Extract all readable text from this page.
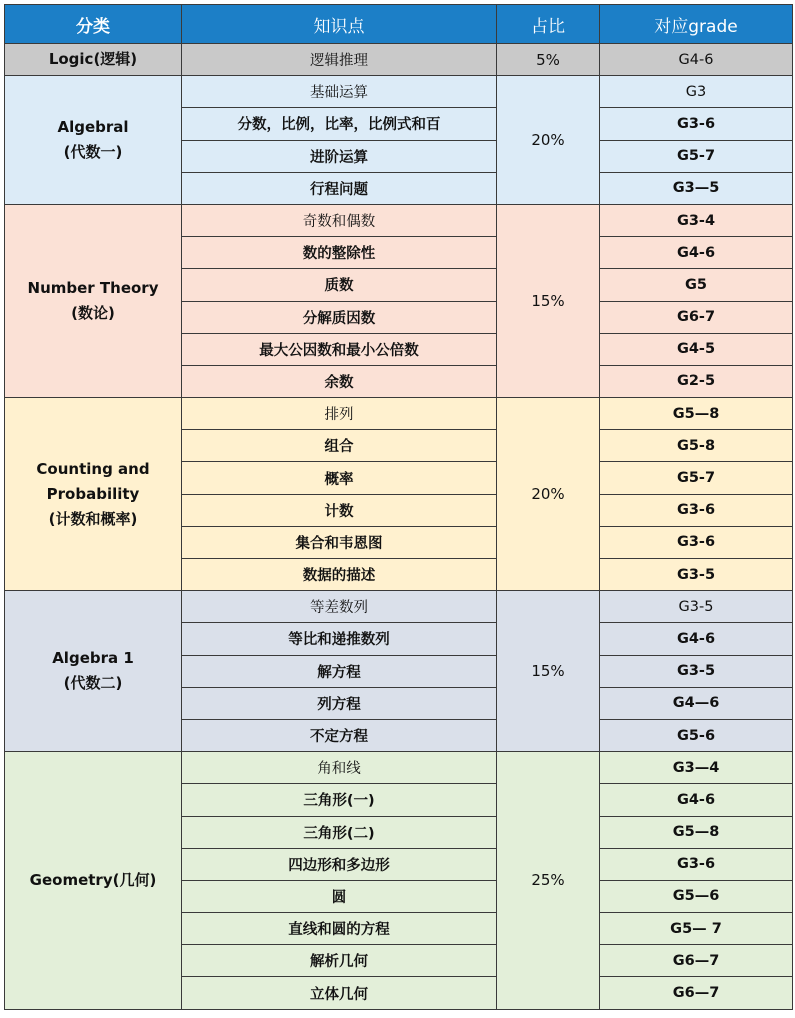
分类	知识点	占比	对应grade

Logic(逻辑)	逻辑推理	5%	G4-6

Algebral
(代数一)	基础运算	20%	G3
	分数，比例，比率，比例式和百		G3-6
	进阶运算		G5-7
	行程问题		G3—5

Number Theory
(数论)	奇数和偶数	15%	G3-4
	数的整除性		G4-6
	质数		G5
	分解质因数		G6-7
	最大公因数和最小公倍数		G4-5
	余数		G2-5

Counting and
Probability
(计数和概率)	排列	20%	G5—8
	组合		G5-8
	概率		G5-7
	计数		G3-6
	集合和韦恩图		G3-6
	数据的描述		G3-5

Algebra 1
(代数二)	等差数列	15%	G3-5
	等比和递推数列		G4-6
	解方程		G3-5
	列方程		G4—6
	不定方程		G5-6

Geometry(几何)	角和线	25%	G3—4
	三角形(一)		G4-6
	三角形(二)		G5—8
	四边形和多边形		G3-6
	圆		G5—6
	直线和圆的方程		G5— 7
	解析几何		G6—7
	立体几何		G6—7
